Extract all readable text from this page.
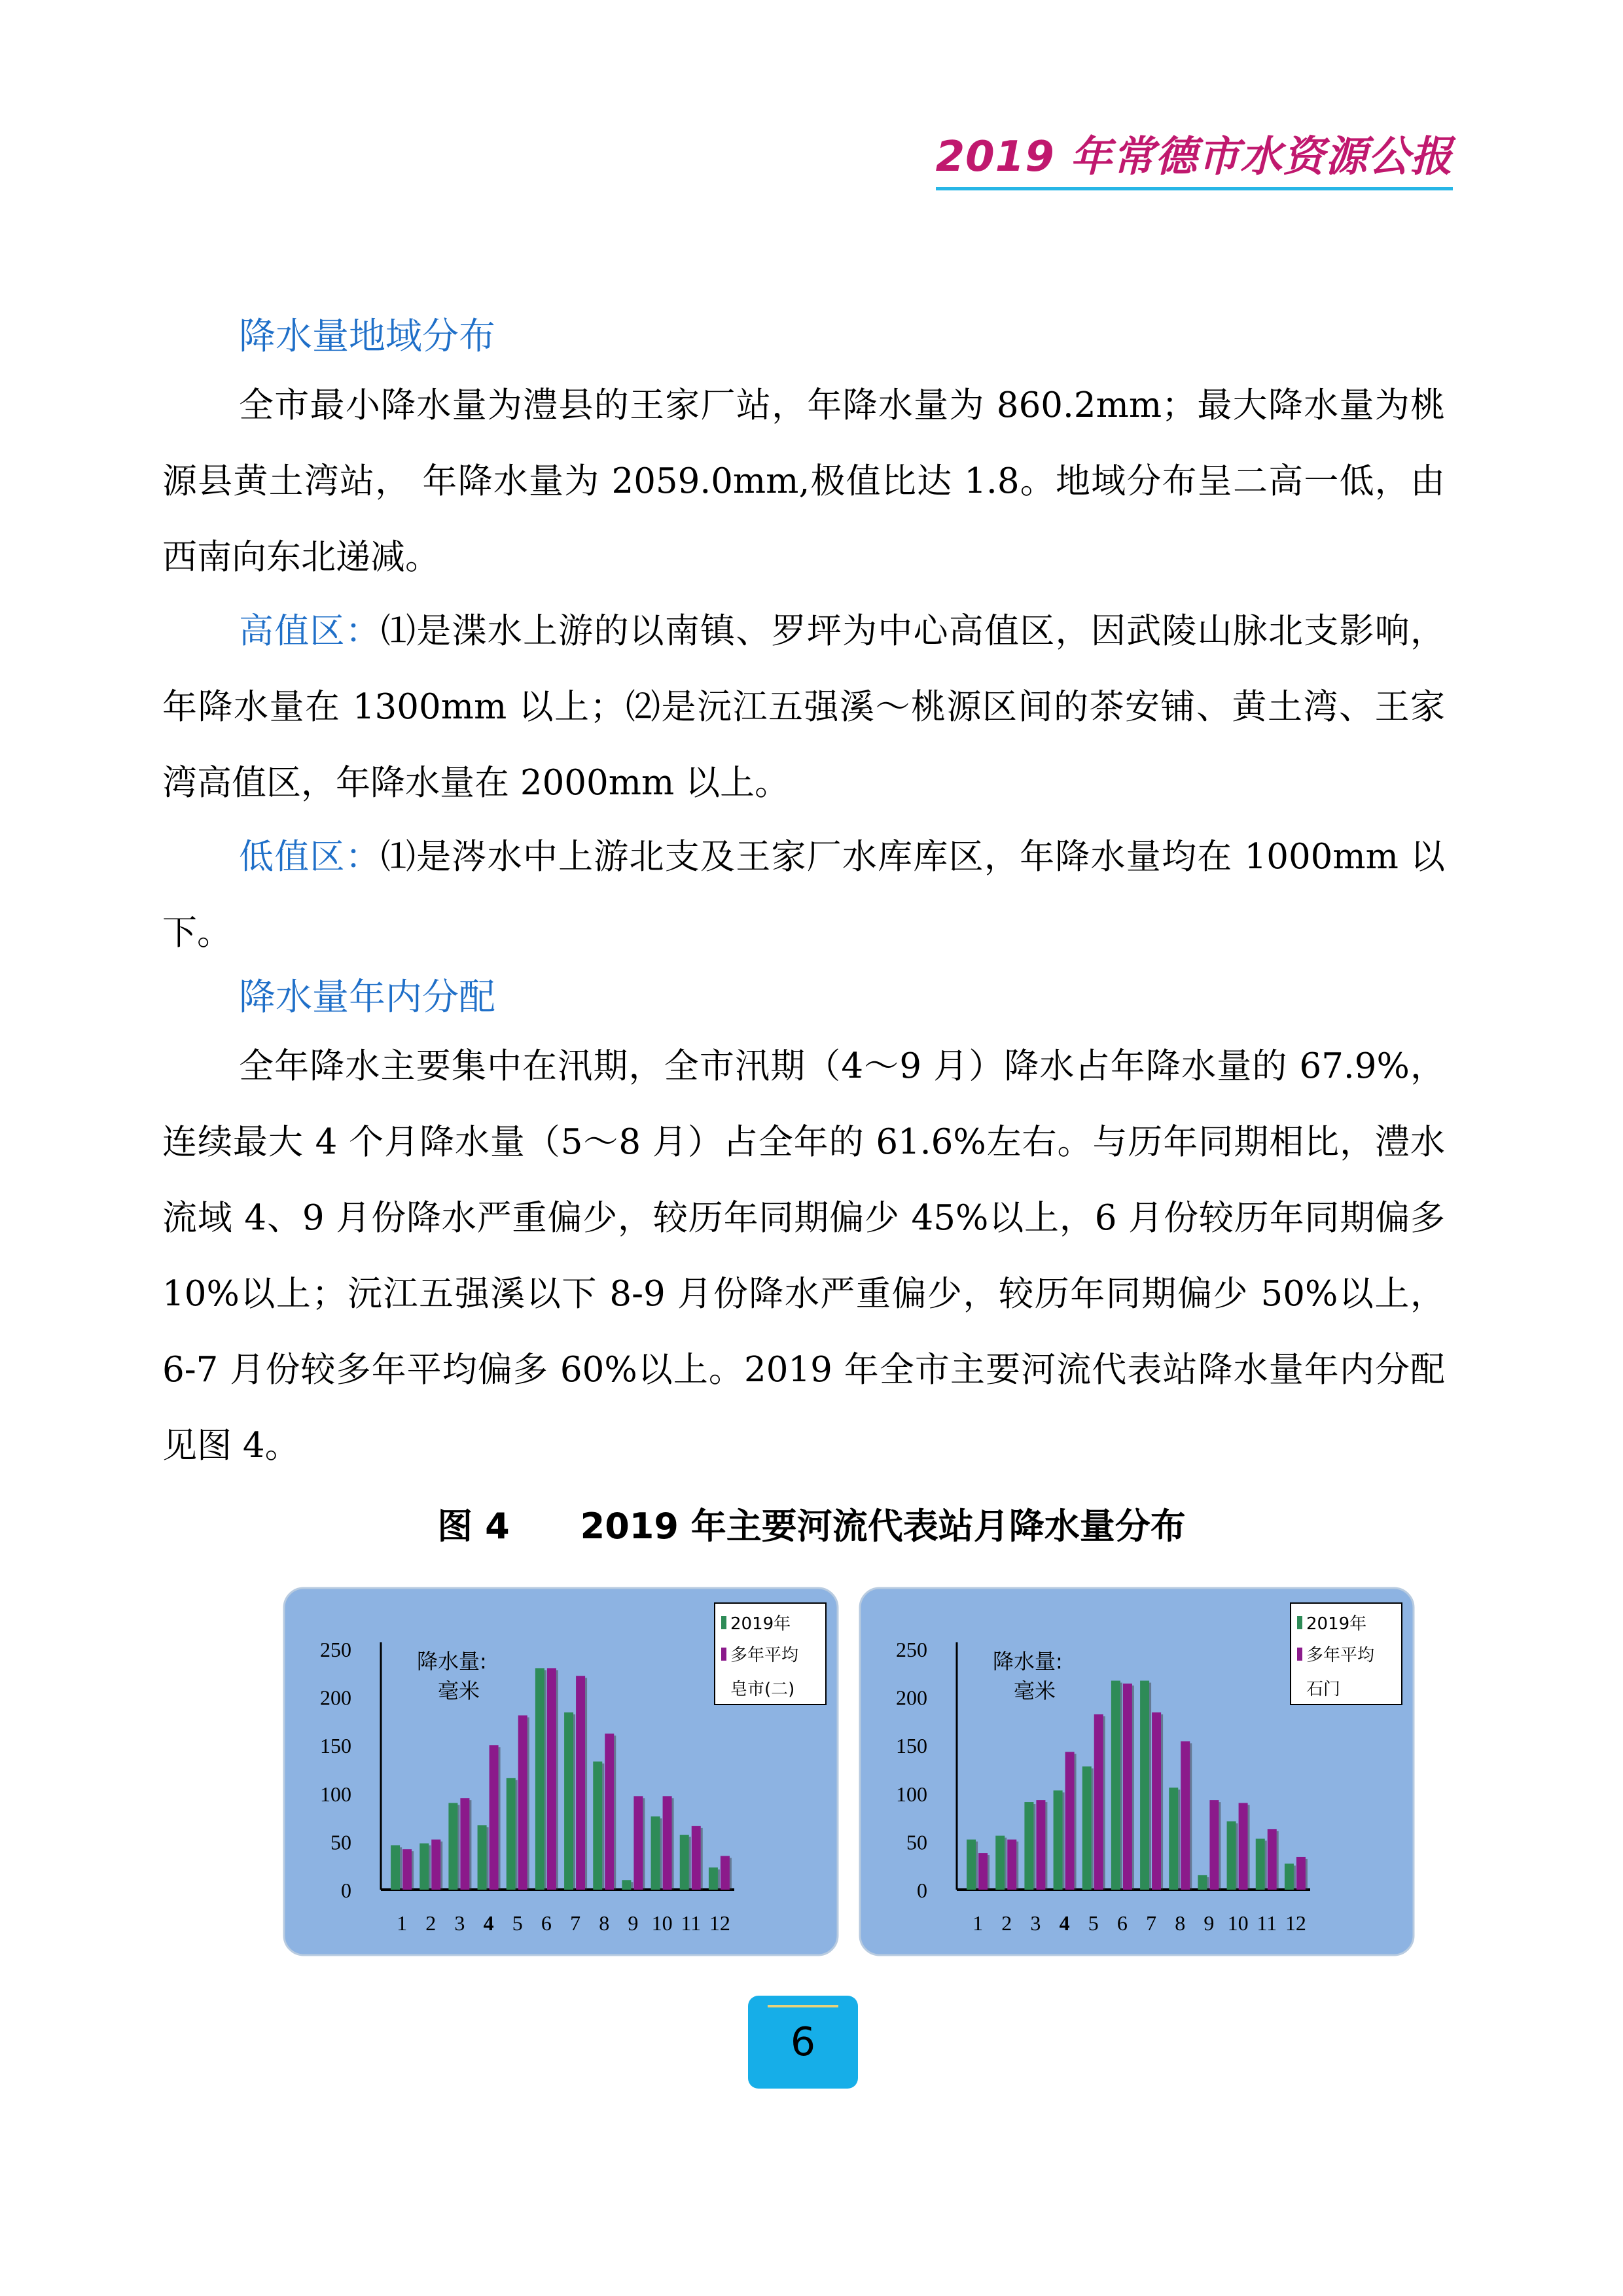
2019 年常德市水资源公报
降水量地域分布

全市最小降水量为澧县的王家厂站，年降水量为 860.2mm；最大降水量为桃源县黄土湾站， 年降水量为 2059.0mm,极值比达 1.8。地域分布呈二高一低，由西南向东北递减。

高值区：⑴是渫水上游的以南镇、罗坪为中心高值区，因武陵山脉北支影响，年降水量在 1300mm 以上；⑵是沅江五强溪～桃源区间的茶安铺、黄土湾、王家湾高值区，年降水量在 2000mm 以上。

低值区：⑴是涔水中上游北支及王家厂水库库区，年降水量均在 1000mm 以下。

降水量年内分配

全年降水主要集中在汛期，全市汛期（4～9 月）降水占年降水量的 67.9%，连续最大 4 个月降水量（5～8 月）占全年的 61.6%左右。与历年同期相比，澧水流域 4、9 月份降水严重偏少，较历年同期偏少 45%以上，6 月份较历年同期偏多 10%以上；沅江五强溪以下 8-9 月份降水严重偏少，较历年同期偏少 50%以上，6-7 月份较多年平均偏多 60%以上。2019 年全市主要河流代表站降水量年内分配见图 4。

图 4　　2019 年主要河流代表站月降水量分布
250
200
150
100
50
0
降水量:
毫米
1 2 3 4 5 6 7 8 9 10 11 12
2019年
多年平均
皂市(二)
250
200
150
100
50
0
降水量:
毫米
1 2 3 4 5 6 7 8 9 10 11 12
2019年
多年平均
石门
6
